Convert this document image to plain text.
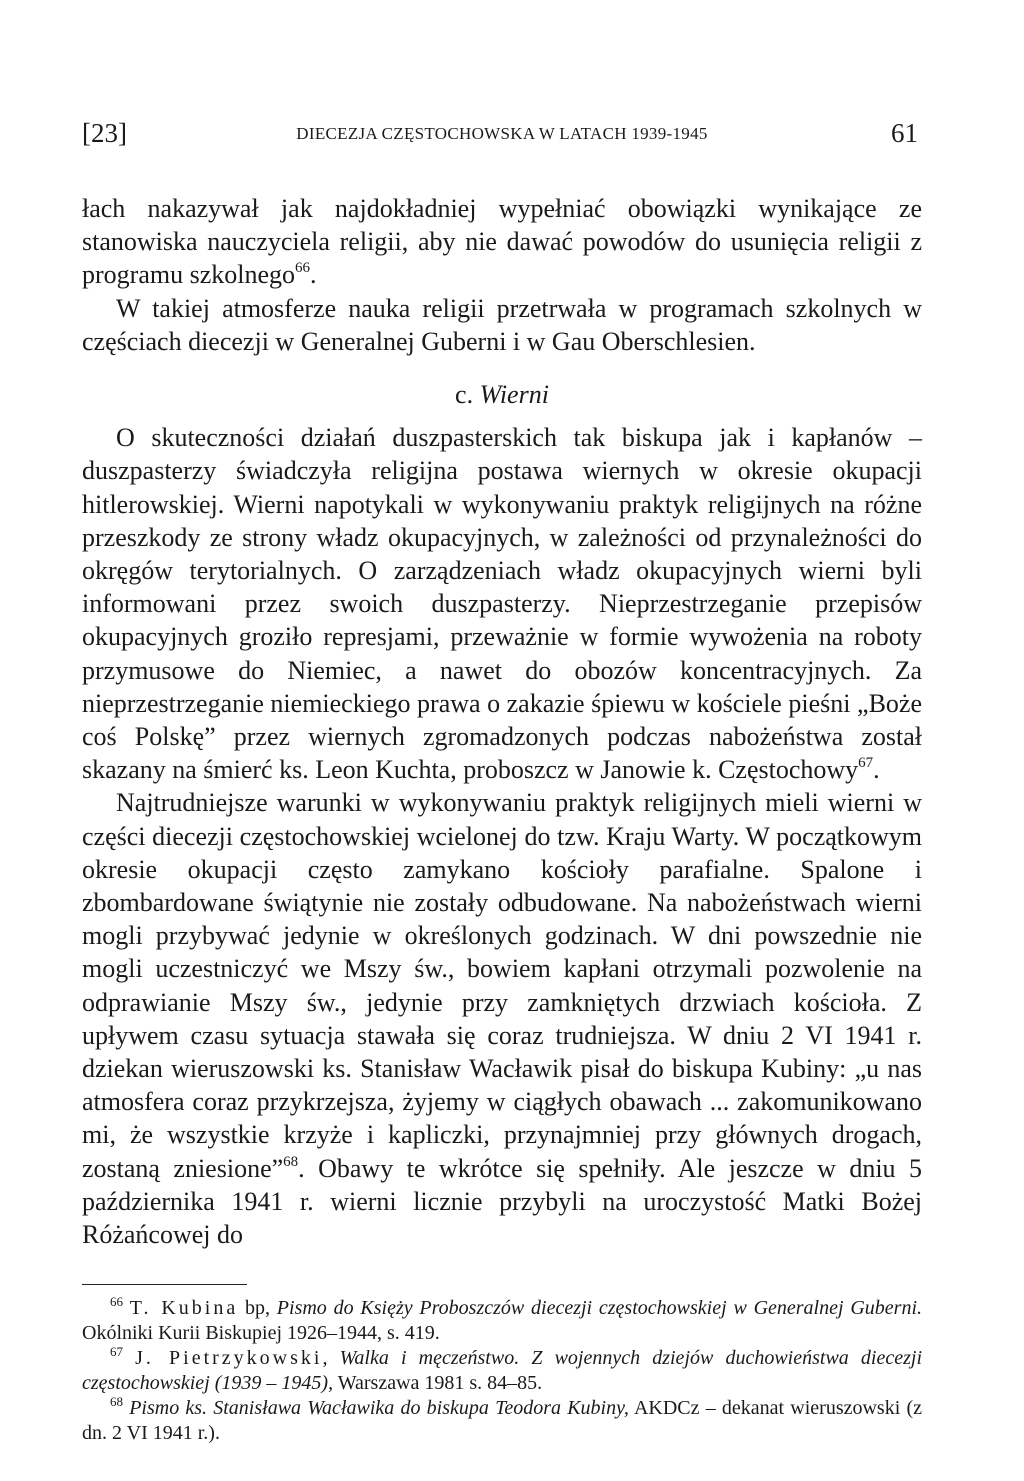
[23]	DIECEZJA CZĘSTOCHOWSKA W LATACH 1939-1945	61

łach nakazywał jak najdokładniej wypełniać obowiązki wynikające ze stanowiska nauczyciela religii, aby nie dawać powodów do usunięcia religii z programu szkolnego$^{66}$.

W takiej atmosferze nauka religii przetrwała w programach szkolnych w częściach diecezji w Generalnej Guberni i w Gau Oberschlesien.

c. Wierni

O skuteczności działań duszpasterskich tak biskupa jak i kapłanów – duszpasterzy świadczyła religijna postawa wiernych w okresie okupacji hitlerowskiej. Wierni napotykali w wykonywaniu praktyk religijnych na różne przeszkody ze strony władz okupacyjnych, w zależności od przynależności do okręgów terytorialnych. O zarządzeniach władz okupacyjnych wierni byli informowani przez swoich duszpasterzy. Nieprzestrzeganie przepisów okupacyjnych groziło represjami, przeważnie w formie wywożenia na roboty przymusowe do Niemiec, a nawet do obozów koncentracyjnych. Za nieprzestrzeganie niemieckiego prawa o zakazie śpiewu w kościele pieśni „Boże coś Polskę” przez wiernych zgromadzonych podczas nabożeństwa został skazany na śmierć ks. Leon Kuchta, proboszcz w Janowie k. Częstochowy$^{67}$.

Najtrudniejsze warunki w wykonywaniu praktyk religijnych mieli wierni w części diecezji częstochowskiej wcielonej do tzw. Kraju Warty. W początkowym okresie okupacji często zamykano kościoły parafialne. Spalone i zbombardowane świątynie nie zostały odbudowane. Na nabożeństwach wierni mogli przybywać jedynie w określonych godzinach. W dni powszednie nie mogli uczestniczyć we Mszy św., bowiem kapłani otrzymali pozwolenie na odprawianie Mszy św., jedynie przy zamkniętych drzwiach kościoła. Z upływem czasu sytuacja stawała się coraz trudniejsza. W dniu 2 VI 1941 r. dziekan wieruszowski ks. Stanisław Wacławik pisał do biskupa Kubiny: „u nas atmosfera coraz przykrzejsza, żyjemy w ciągłych obawach ... zakomunikowano mi, że wszystkie krzyże i kapliczki, przynajmniej przy głównych drogach, zostaną zniesione”$^{68}$. Obawy te wkrótce się spełniły. Ale jeszcze w dniu 5 października 1941 r. wierni licznie przybyli na uroczystość Matki Bożej Różańcowej do

$^{66}$ T. Kubina bp, Pismo do Księży Proboszczów diecezji częstochowskiej w Generalnej Guberni. Okólniki Kurii Biskupiej 1926–1944, s. 419.

$^{67}$ J. Pietrzykowski, Walka i męczeństwo. Z wojennych dziejów duchowieństwa diecezji częstochowskiej (1939 – 1945), Warszawa 1981 s. 84–85.

$^{68}$ Pismo ks. Stanisława Wacławika do biskupa Teodora Kubiny, AKDCz – dekanat wieruszowski (z dn. 2 VI 1941 r.).
